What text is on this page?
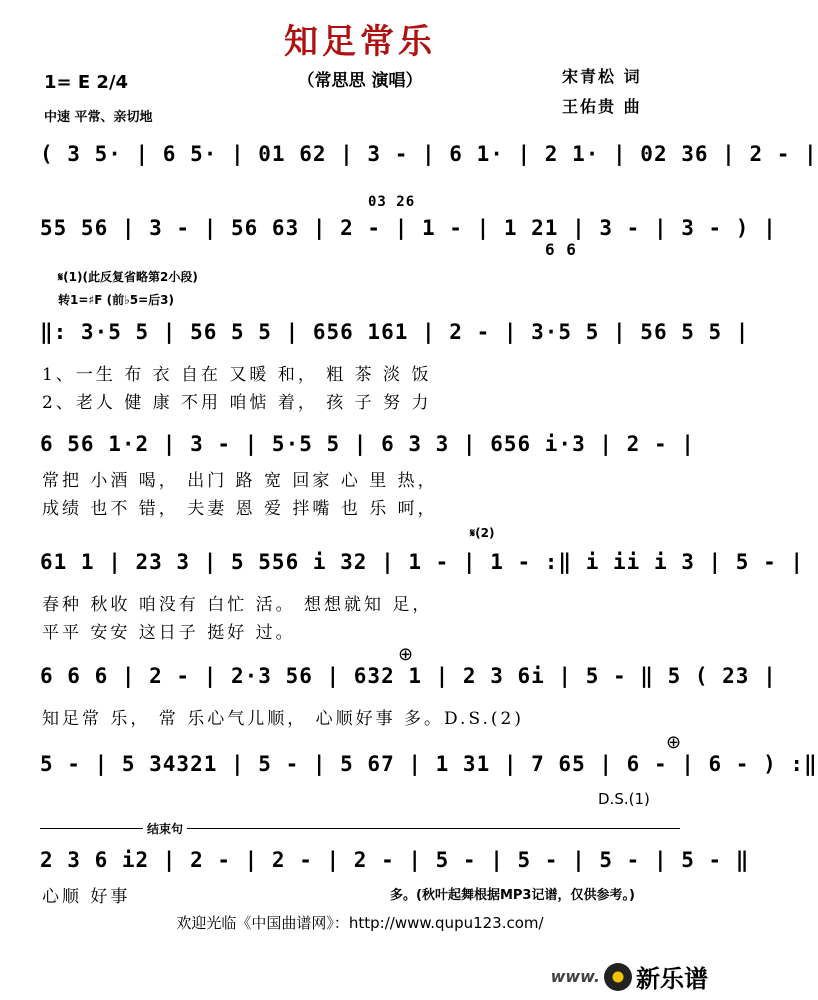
知足常乐
（常思思 演唱）
1= E 2/4
中速 平常、亲切地
宋青松 词
王佑贵 曲
( 3 5· | 6 5· | 01 62 | 3 - | 6 1· | 2 1· | 02 36 | 2 - |
03 26
55 56 | 3 - | 56 63 | 2 - | 1 - | 1 21 | 3 - | 3 - ) |
6 6
𝄋(1)(此反复省略第2小段)
转1=♯F (前♭5=后3)
‖: 3·5 5 | 56 5 5 | 656 161 | 2 - | 3·5 5 | 56 5 5 |
1、一生 布 衣 自在 又暖 和， 粗 茶 淡 饭
2、老人 健 康 不用 咱惦 着， 孩 子 努 力
6 56 1·2 | 3 - | 5·5 5 | 6 3 3 | 656 i·3 | 2 - |
常把 小酒 喝， 出门 路 宽 回家 心 里 热，
成绩 也不 错， 夫妻 恩 爱 拌嘴 也 乐 呵，
𝄋(2)
61 1 | 23 3 | 5 556 i 32 | 1 - | 1 - :‖ i ii i 3 | 5 - |
春种 秋收 咱没有 白忙 活。 想想就知 足，
平平 安安 这日子 挺好 过。
⊕
6 6 6 | 2 - | 2·3 56 | 632 1 | 2 3 6i | 5 - ‖ 5 ( 23 |
知足常 乐， 常 乐心气儿顺， 心顺好事 多。D.S.(2)
⊕
5 - | 5 34321 | 5 - | 5 67 | 1 31 | 7 65 | 6 - | 6 - ) :‖
D.S.(1)
结束句
2 3 6 i2 | 2 - | 2 - | 2 - | 5 - | 5 - | 5 - | 5 - ‖
心顺 好事	多。(秋叶起舞根据MP3记谱，仅供参考。)
欢迎光临《中国曲谱网》：http://www.qupu123.com/
www. 新乐谱
